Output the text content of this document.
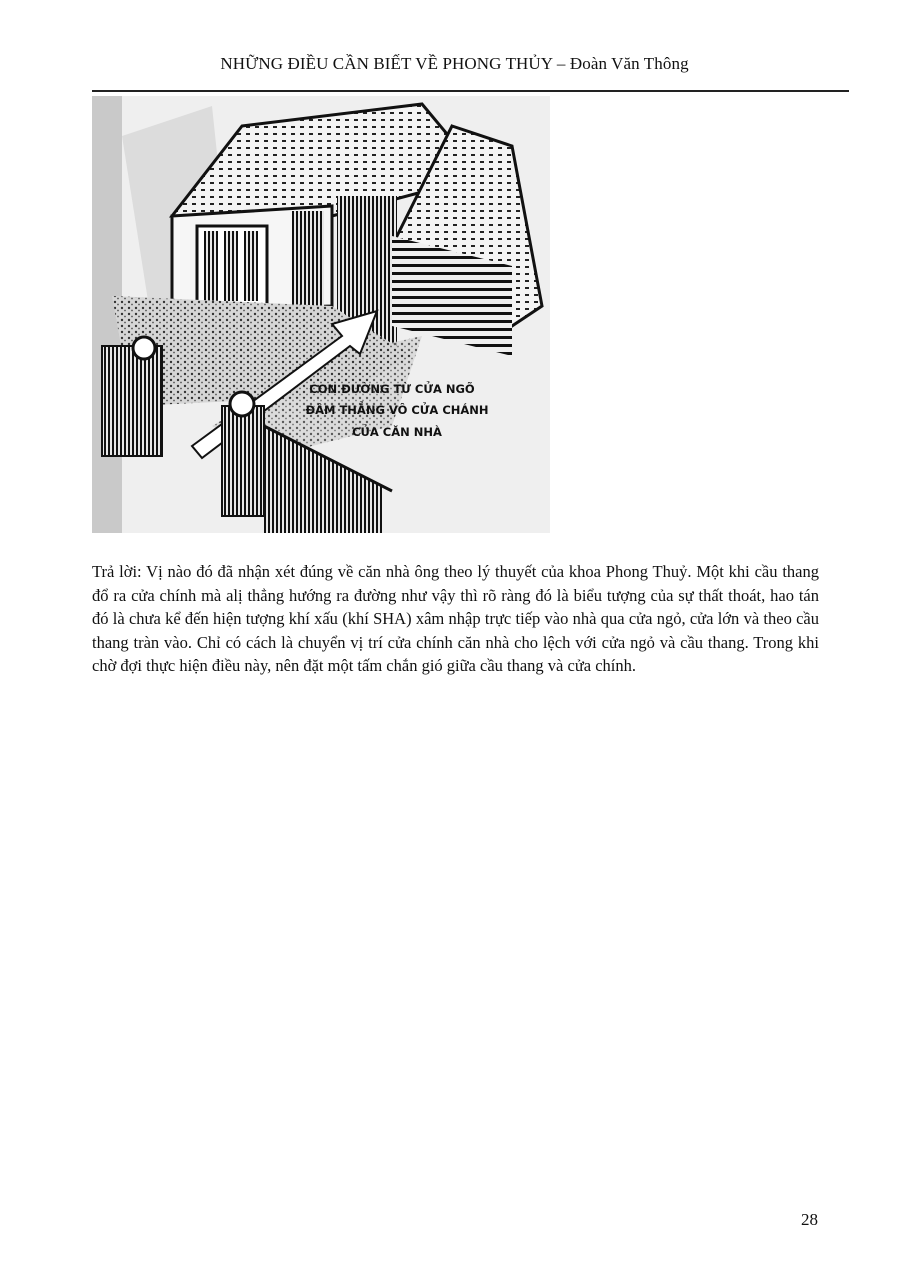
NHỮNG ĐIỀU CẦN BIẾT VỀ PHONG THỦY – Đoàn Văn Thông
CON ĐƯỜNG TỪ CỬA NGÕ
ĐÂM THẲNG VÔ CỬA CHÁNH
CỦA CĂN NHÀ

Trả lời: Vị nào đó đã nhận xét đúng về căn nhà ông theo lý thuyết của khoa Phong Thuỷ. Một khi cầu thang đổ ra cửa chính mà alị thẳng hướng ra đường như vậy thì rõ ràng đó là biểu tượng của sự thất thoát, hao tán đó là chưa kể đến hiện tượng khí xấu (khí SHA) xâm nhập trực tiếp vào nhà qua cửa ngỏ, cửa lớn và theo cầu thang tràn vào. Chỉ có cách là chuyển vị trí cửa chính căn nhà cho lệch với cửa ngỏ và cầu thang. Trong khi chờ đợi thực hiện điều này, nên đặt một tấm chắn gió giữa cầu thang và cửa chính.

28
